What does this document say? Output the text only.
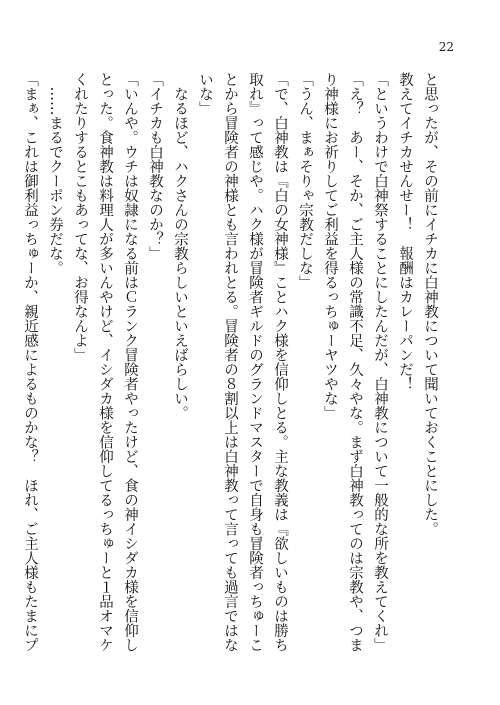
22
と思ったが、その前にイチカに白神教について聞いておくことにした。
教えてイチカせんせー！　報酬はカレーパンだ！
「というわけで白神祭することにしたんだが、白神教について一般的な所を教えてくれ」
「え？　あー、そか、ご主人様の常識不足、久々やな。まず白神教ってのは宗教や、つま
り神様にお祈りしてご利益を得るっちゅーヤツやな」
「うん、まぁそりゃ宗教だしな」
「で、白神教は『白の女神様』ことハク様を信仰しとる。主な教義は『欲しいものは勝ち
取れ』って感じや。ハク様が冒険者ギルドのグランドマスターで自身も冒険者っちゅーこ
とから冒険者の神様とも言われとる。冒険者の８割以上は白神教って言っても過言ではな
いな」
　なるほど、ハクさんの宗教らしいといえばらしい。
「イチカも白神教なのか？」
「いんや。ウチは奴隷になる前はＣランク冒険者やったけど、食の神イシダカ様を信仰し
とった。食神教は料理人が多いんやけど、イシダカ様を信仰してるっちゅーと１品オマケ
くれたりするとこもあってな、お得なんよ」
　……まるでクーポン券だな。
「まぁ、これは御利益っちゅーか、親近感によるものかな？　ほれ、ご主人様もたまにプ
